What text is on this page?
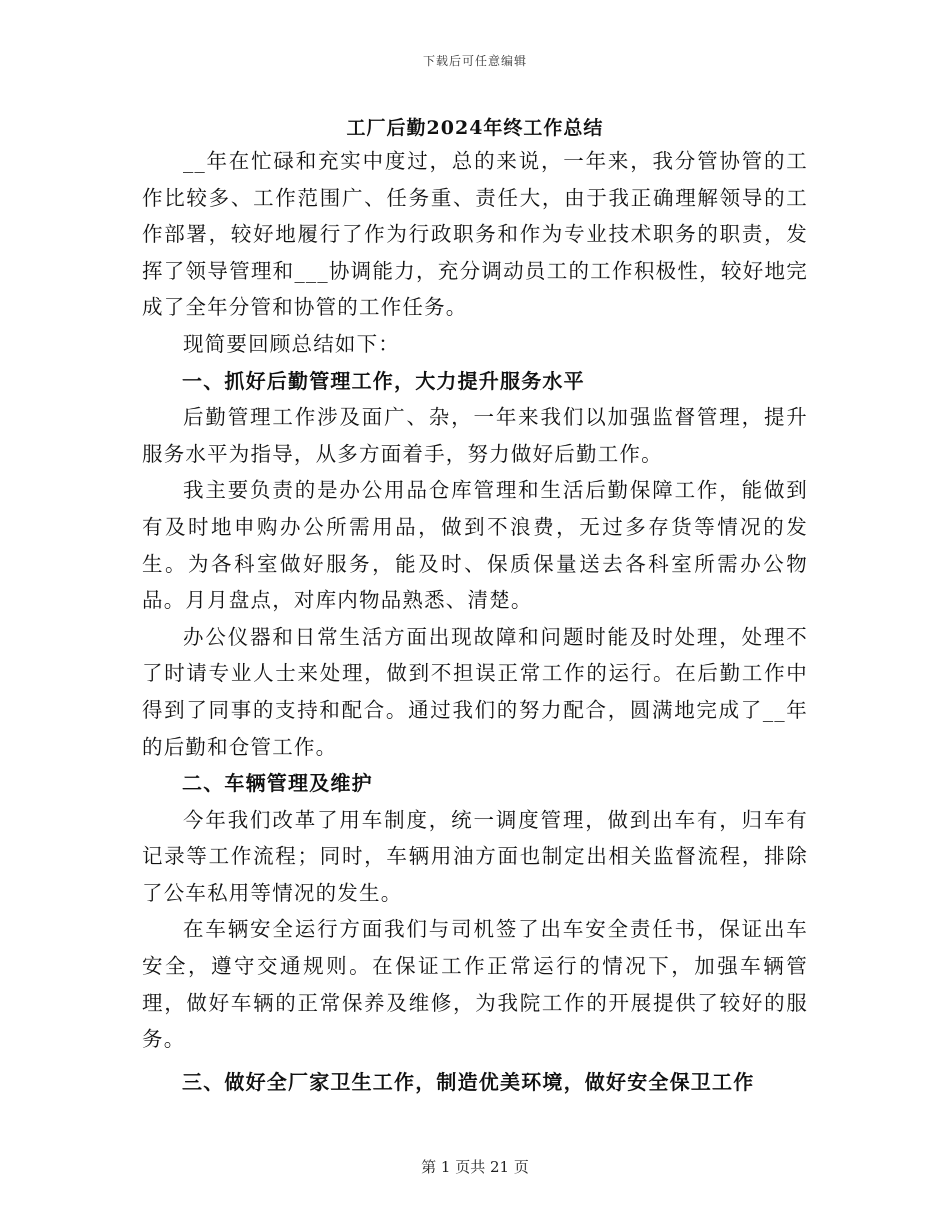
下载后可任意编辑
工厂后勤2024年终工作总结

__年在忙碌和充实中度过，总的来说，一年来，我分管协管的工作比较多、工作范围广、任务重、责任大，由于我正确理解领导的工作部署，较好地履行了作为行政职务和作为专业技术职务的职责，发挥了领导管理和___协调能力，充分调动员工的工作积极性，较好地完成了全年分管和协管的工作任务。

现简要回顾总结如下：

一、抓好后勤管理工作，大力提升服务水平

后勤管理工作涉及面广、杂，一年来我们以加强监督管理，提升服务水平为指导，从多方面着手，努力做好后勤工作。

我主要负责的是办公用品仓库管理和生活后勤保障工作，能做到有及时地申购办公所需用品，做到不浪费，无过多存货等情况的发生。为各科室做好服务，能及时、保质保量送去各科室所需办公物品。月月盘点，对库内物品熟悉、清楚。

办公仪器和日常生活方面出现故障和问题时能及时处理，处理不了时请专业人士来处理，做到不担误正常工作的运行。在后勤工作中得到了同事的支持和配合。通过我们的努力配合，圆满地完成了__年的后勤和仓管工作。

二、车辆管理及维护

今年我们改革了用车制度，统一调度管理，做到出车有，归车有记录等工作流程；同时，车辆用油方面也制定出相关监督流程，排除了公车私用等情况的发生。

在车辆安全运行方面我们与司机签了出车安全责任书，保证出车安全，遵守交通规则。在保证工作正常运行的情况下，加强车辆管理，做好车辆的正常保养及维修，为我院工作的开展提供了较好的服务。

三、做好全厂家卫生工作，制造优美环境，做好安全保卫工作

第 1 页共 21 页
